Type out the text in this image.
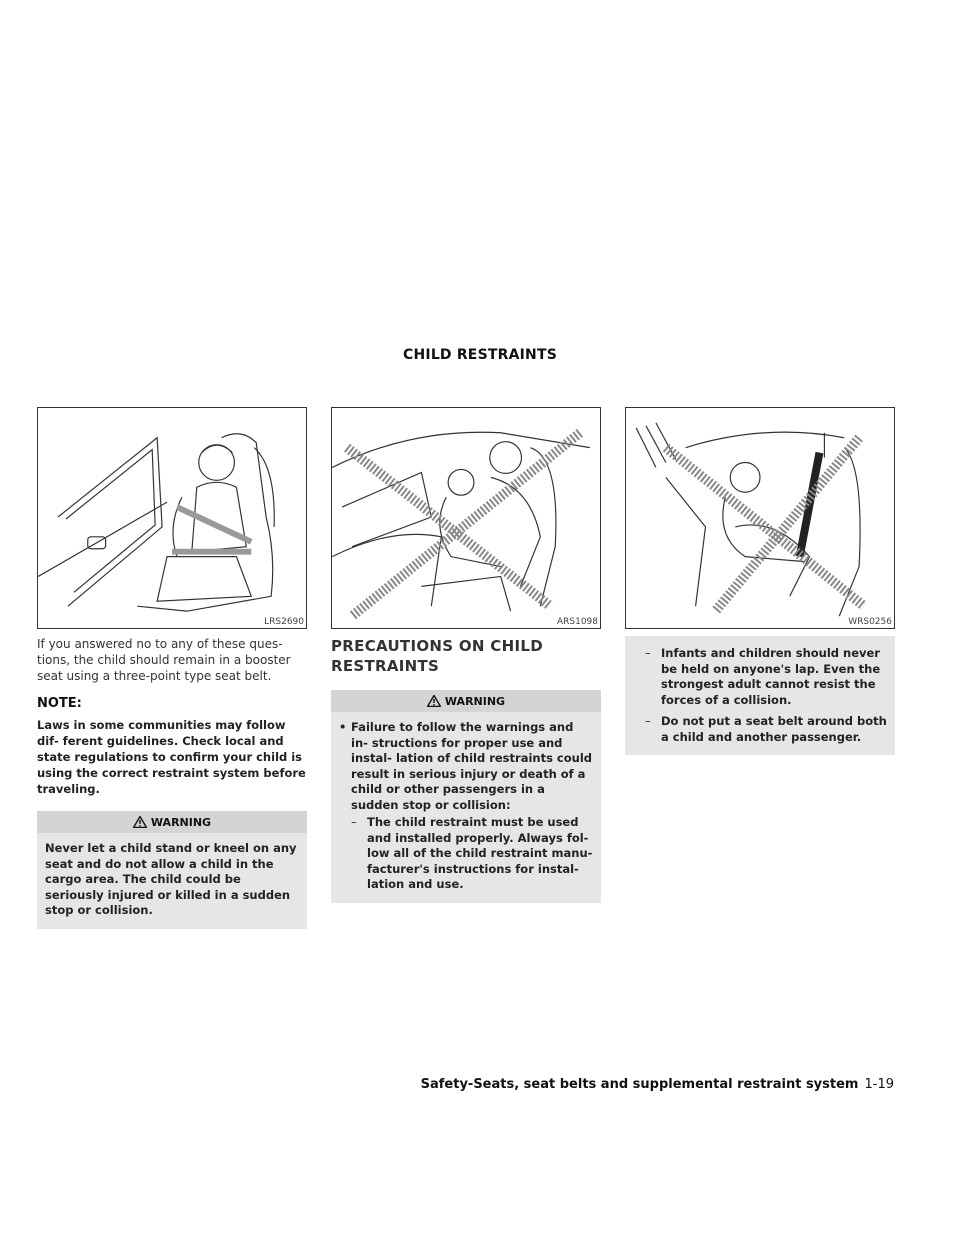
CHILD RESTRAINTS
LRS2690	ARS1098	WRS0256

If you answered no to any of these ques- tions, the child should remain in a booster seat using a three-point type seat belt.

NOTE:

Laws in some communities may follow dif- ferent guidelines. Check local and state regulations to confirm your child is using the correct restraint system before traveling.

WARNING

Never let a child stand or kneel on any seat and do not allow a child in the cargo area. The child could be seriously injured or killed in a sudden stop or collision.

PRECAUTIONS ON CHILD RESTRAINTS
WARNING
• Failure to follow the warnings and in- structions for proper use and instal- lation of child restraints could result in serious injury or death of a child or other passengers in a sudden stop or collision:
– The child restraint must be used and installed properly. Always fol- low all of the child restraint manu- facturer's instructions for instal- lation and use.
– Infants and children should never be held on anyone's lap. Even the strongest adult cannot resist the forces of a collision.
– Do not put a seat belt around both a child and another passenger.
Safety-Seats, seat belts and supplemental restraint system 1-19
